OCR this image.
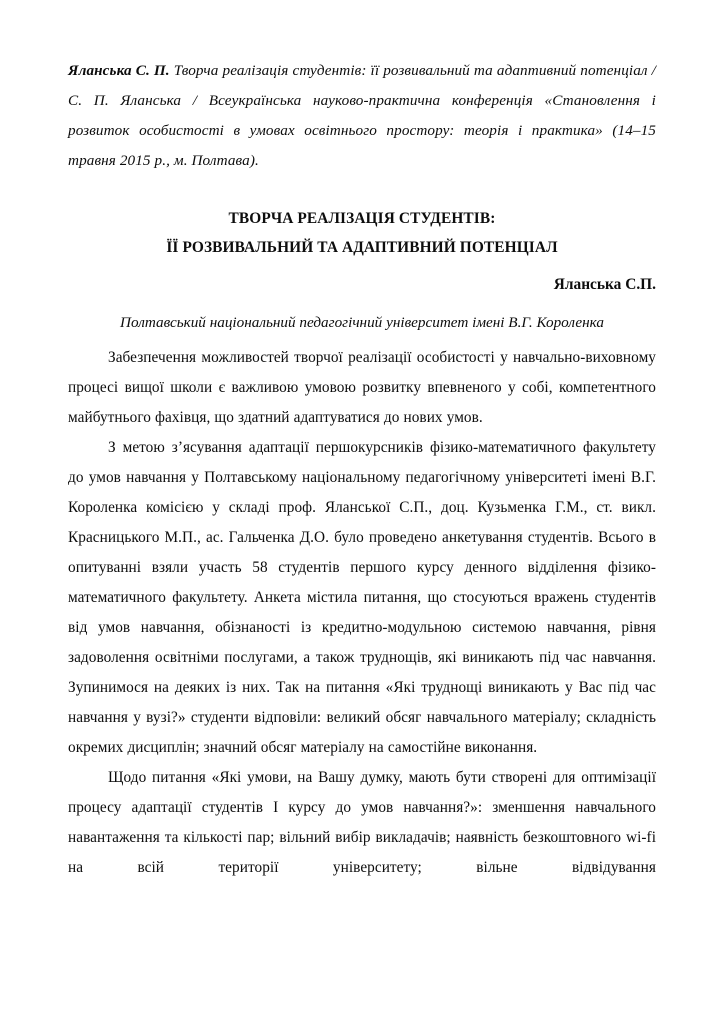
Яланська С. П. Творча реалізація студентів: її розвивальний та адаптивний потенціал / С. П. Яланська / Всеукраїнська науково-практична конференція «Становлення і розвиток особистості в умовах освітнього простору: теорія і практика» (14–15 травня 2015 р., м. Полтава).

ТВОРЧА РЕАЛІЗАЦІЯ СТУДЕНТІВ:
ЇЇ РОЗВИВАЛЬНИЙ ТА АДАПТИВНИЙ ПОТЕНЦІАЛ
Яланська С.П.
Полтавський національний педагогічний університет імені В.Г. Короленка

Забезпечення можливостей творчої реалізації особистості у навчально-виховному процесі вищої школи є важливою умовою розвитку впевненого у собі, компетентного майбутнього фахівця, що здатний адаптуватися до нових умов.

З метою з’ясування адаптації першокурсників фізико-математичного факультету до умов навчання у Полтавському національному педагогічному університеті імені В.Г. Короленка комісією у складі проф. Яланської С.П., доц. Кузьменка Г.М., ст. викл. Красницького М.П., ас. Гальченка Д.О. було проведено анкетування студентів. Всього в опитуванні взяли участь 58 студентів першого курсу денного відділення фізико-математичного факультету. Анкета містила питання, що стосуються вражень студентів від умов навчання, обізнаності із кредитно-модульною системою навчання, рівня задоволення освітніми послугами, а також труднощів, які виникають під час навчання. Зупинимося на деяких із них. Так на питання «Які труднощі виникають у Вас під час навчання у вузі?» студенти відповіли: великий обсяг навчального матеріалу; складність окремих дисциплін; значний обсяг матеріалу на самостійне виконання.

Щодо питання «Які умови, на Вашу думку, мають бути створені для оптимізації процесу адаптації студентів I курсу до умов навчання?»: зменшення навчального навантаження та кількості пар; вільний вибір викладачів; наявність безкоштовного wi-fi на всій території університету; вільне відвідування
